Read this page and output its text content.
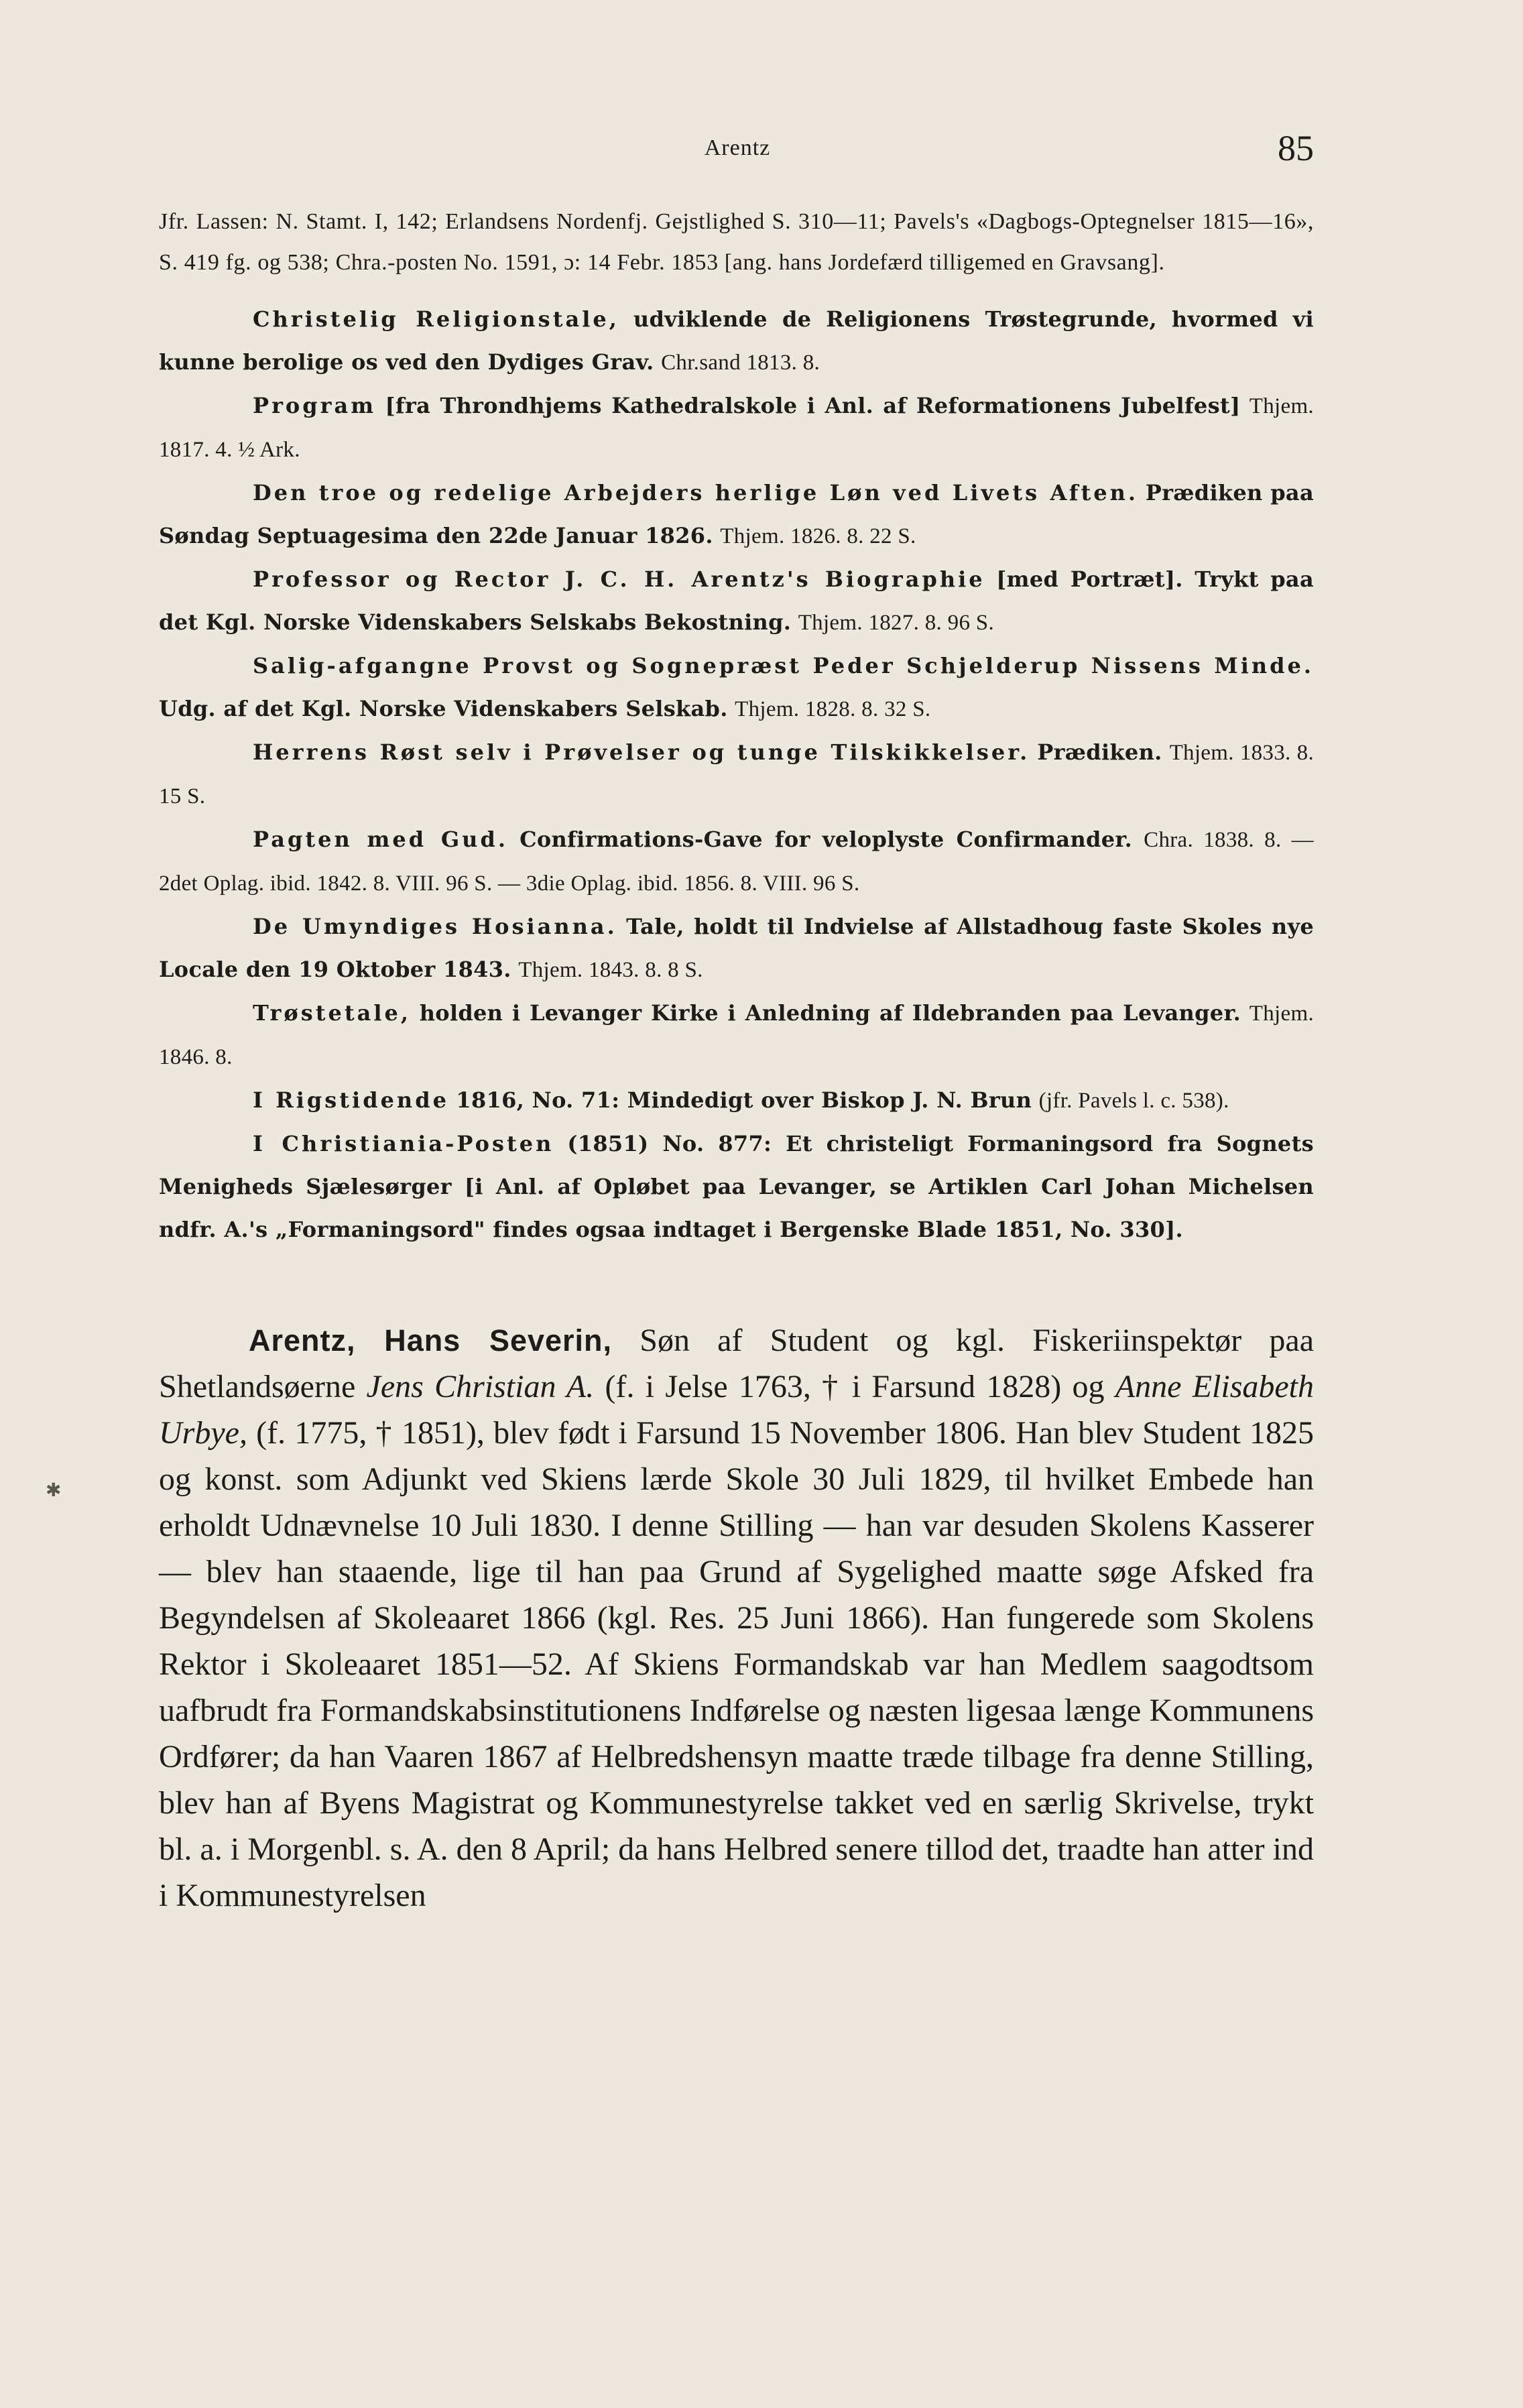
Arentz	85
✱

Jfr. Lassen: N. Stamt. I, 142; Erlandsens Nordenfj. Gejstlighed S. 310—11; Pavels's «Dagbogs-Optegnelser 1815—16», S. 419 fg. og 538; Chra.-posten No. 1591, ɔ: 14 Febr. 1853 [ang. hans Jordefærd tilligemed en Gravsang].

Christelig Religionstale, udviklende de Religionens Trøstegrunde, hvormed vi kunne berolige os ved den Dydiges Grav. Chr.sand 1813. 8.

Program [fra Throndhjems Kathedralskole i Anl. af Reformationens Jubelfest] Thjem. 1817. 4. ½ Ark.

Den troe og redelige Arbejders herlige Løn ved Livets Aften. Prædiken paa Søndag Septuagesima den 22de Januar 1826. Thjem. 1826. 8. 22 S.

Professor og Rector J. C. H. Arentz's Biographie [med Portræt]. Trykt paa det Kgl. Norske Videnskabers Selskabs Bekostning. Thjem. 1827. 8. 96 S.

Salig-afgangne Provst og Sognepræst Peder Schjelderup Nissens Minde. Udg. af det Kgl. Norske Videnskabers Selskab. Thjem. 1828. 8. 32 S.

Herrens Røst selv i Prøvelser og tunge Tilskikkelser. Prædiken. Thjem. 1833. 8. 15 S.

Pagten med Gud. Confirmations-Gave for veloplyste Confirmander. Chra. 1838. 8. — 2det Oplag. ibid. 1842. 8. VIII. 96 S. — 3die Oplag. ibid. 1856. 8. VIII. 96 S.

De Umyndiges Hosianna. Tale, holdt til Indvielse af Allstadhoug faste Skoles nye Locale den 19 Oktober 1843. Thjem. 1843. 8. 8 S.

Trøstetale, holden i Levanger Kirke i Anledning af Ildebranden paa Levanger. Thjem. 1846. 8.

I Rigstidende 1816, No. 71: Mindedigt over Biskop J. N. Brun (jfr. Pavels l. c. 538).

I Christiania-Posten (1851) No. 877: Et christeligt Formaningsord fra Sognets Menigheds Sjælesørger [i Anl. af Opløbet paa Levanger, se Artiklen Carl Johan Michelsen ndfr. A.'s „Formaningsord" findes ogsaa indtaget i Bergenske Blade 1851, No. 330].

Arentz, Hans Severin, Søn af Student og kgl. Fiskeriinspektør paa Shetlandsøerne Jens Christian A. (f. i Jelse 1763, † i Farsund 1828) og Anne Elisabeth Urbye, (f. 1775, † 1851), blev født i Farsund 15 November 1806. Han blev Student 1825 og konst. som Adjunkt ved Skiens lærde Skole 30 Juli 1829, til hvilket Embede han erholdt Udnævnelse 10 Juli 1830. I denne Stilling — han var desuden Skolens Kasserer — blev han staaende, lige til han paa Grund af Sygelighed maatte søge Afsked fra Begyndelsen af Skoleaaret 1866 (kgl. Res. 25 Juni 1866). Han fungerede som Skolens Rektor i Skoleaaret 1851—52. Af Skiens Formandskab var han Medlem saagodtsom uafbrudt fra Formandskabsinstitutionens Indførelse og næsten ligesaa længe Kommunens Ordfører; da han Vaaren 1867 af Helbredshensyn maatte træde tilbage fra denne Stilling, blev han af Byens Magistrat og Kommunestyrelse takket ved en særlig Skrivelse, trykt bl. a. i Morgenbl. s. A. den 8 April; da hans Helbred senere tillod det, traadte han atter ind i Kommunestyrelsen
